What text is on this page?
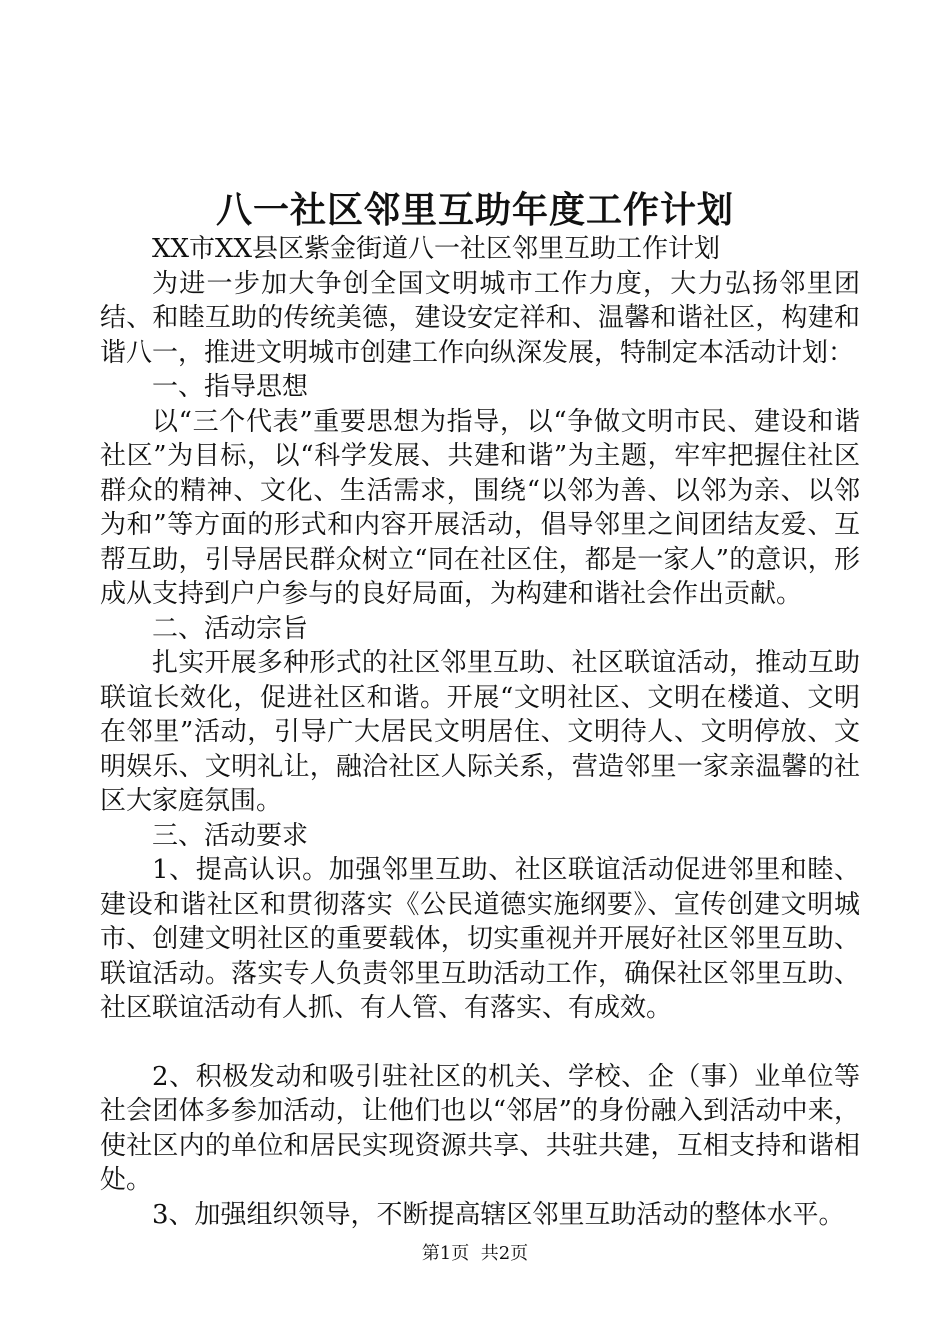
八一社区邻里互助年度工作计划

XX市XX县区紫金街道八一社区邻里互助工作计划

为进一步加大争创全国文明城市工作力度，大力弘扬邻里团结、和睦互助的传统美德，建设安定祥和、温馨和谐社区，构建和谐八一，推进文明城市创建工作向纵深发展，特制定本活动计划：

一、指导思想

以“三个代表”重要思想为指导，以“争做文明市民、建设和谐社区”为目标，以“科学发展、共建和谐”为主题，牢牢把握住社区群众的精神、文化、生活需求，围绕“以邻为善、以邻为亲、以邻为和”等方面的形式和内容开展活动，倡导邻里之间团结友爱、互帮互助，引导居民群众树立“同在社区住，都是一家人”的意识，形成从支持到户户参与的良好局面，为构建和谐社会作出贡献。

二、活动宗旨

扎实开展多种形式的社区邻里互助、社区联谊活动，推动互助联谊长效化，促进社区和谐。开展“文明社区、文明在楼道、文明在邻里”活动，引导广大居民文明居住、文明待人、文明停放、文明娱乐、文明礼让，融洽社区人际关系，营造邻里一家亲温馨的社区大家庭氛围。

三、活动要求

1、提高认识。加强邻里互助、社区联谊活动促进邻里和睦、建设和谐社区和贯彻落实《公民道德实施纲要》、宣传创建文明城市、创建文明社区的重要载体，切实重视并开展好社区邻里互助、联谊活动。落实专人负责邻里互助活动工作，确保社区邻里互助、社区联谊活动有人抓、有人管、有落实、有成效。

2、积极发动和吸引驻社区的机关、学校、企（事）业单位等社会团体多参加活动，让他们也以“邻居”的身份融入到活动中来，使社区内的单位和居民实现资源共享、共驻共建，互相支持和谐相处。

3、加强组织领导，不断提高辖区邻里互助活动的整体水平。

第1页 共2页
